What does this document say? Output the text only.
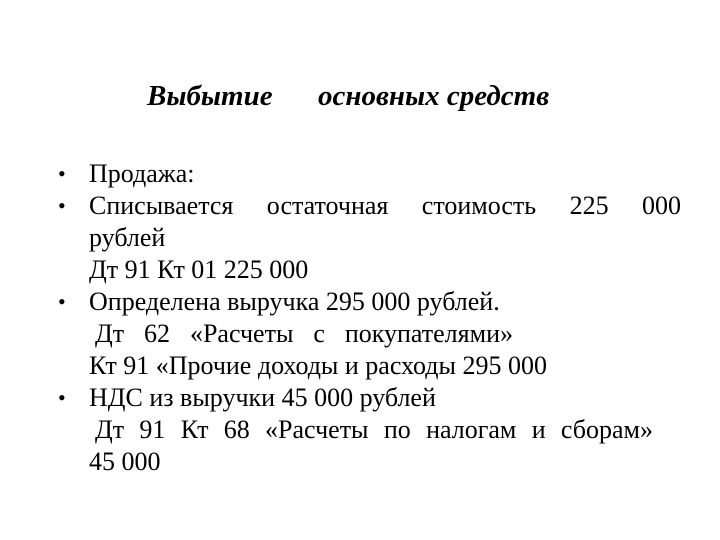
Выбытие основных средств
• Продажа:
• Списывается остаточная стоимость 225 000
рублей
Дт 91 Кт 01 225 000
• Определена выручка 295 000 рублей.
Дт 62 «Расчеты с покупателями»
Кт 91 «Прочие доходы и расходы 295 000
• НДС из выручки 45 000 рублей
Дт 91 Кт 68 «Расчеты по налогам и сборам»
45 000
